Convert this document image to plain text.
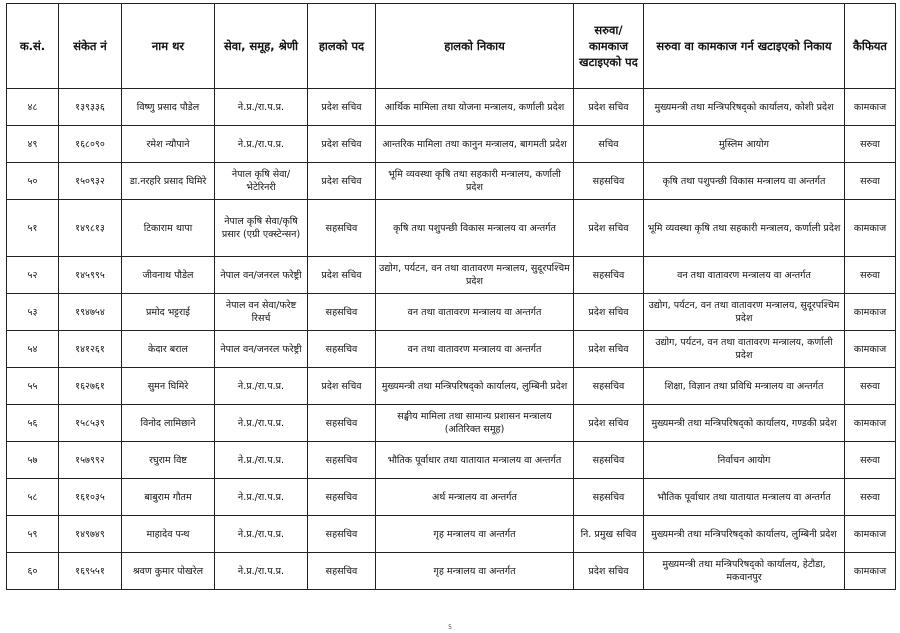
क.सं.	संकेत नं	नाम थर	सेवा, समूह, श्रेणी	हालको पद	हालको निकाय	सरुवा/कामकाज खटाइएको पद	सरुवा वा कामकाज गर्न खटाइएको निकाय	कैफियत
४८	१३९३३६	विष्णु प्रसाद पौडेल	ने.प्र./रा.प.प्र.	प्रदेश सचिव	आर्थिक मामिला तथा योजना मन्त्रालय, कर्णाली प्रदेश	प्रदेश सचिव	मुख्यमन्त्री तथा मन्त्रिपरिषद्को कार्यालय, कोशी प्रदेश	कामकाज
४९	१६८०९०	रमेश न्यौपाने	ने.प्र./रा.प.प्र.	प्रदेश सचिव	आन्तरिक मामिला तथा कानुन मन्त्रालय, बागमती प्रदेश	सचिव	मुस्लिम आयोग	सरुवा
५०	१५०९३२	डा.नरहरि प्रसाद घिमिरे	नेपाल कृषि सेवा/भेटेरिनरी	प्रदेश सचिव	भूमि व्यवस्था कृषि तथा सहकारी मन्त्रालय, कर्णाली प्रदेश	सहसचिव	कृषि तथा पशुपन्छी विकास मन्त्रालय वा अन्तर्गत	सरुवा
५१	१४९८१३	टिकाराम थापा	नेपाल कृषि सेवा/कृषि प्रसार (एग्री एक्स्टेन्सन)	सहसचिव	कृषि तथा पशुपन्छी विकास मन्त्रालय वा अन्तर्गत	प्रदेश सचिव	भूमि व्यवस्था कृषि तथा सहकारी मन्त्रालय, कर्णाली प्रदेश	कामकाज
५२	१४५९९५	जीवनाथ पौडेल	नेपाल वन/जनरल फरेष्ट्री	प्रदेश सचिव	उद्योग, पर्यटन, वन तथा वातावरण मन्त्रालय, सुदूरपश्चिम प्रदेश	सहसचिव	वन तथा वातावरण मन्त्रालय वा अन्तर्गत	सरुवा
५३	१९४७५४	प्रमोद भट्टराई	नेपाल वन सेवा/फरेष्ट रिसर्च	सहसचिव	वन तथा वातावरण मन्त्रालय वा अन्तर्गत	प्रदेश सचिव	उद्योग, पर्यटन, वन तथा वातावरण मन्त्रालय, सुदूरपश्चिम प्रदेश	कामकाज
५४	१४१२६१	केदार बराल	नेपाल वन/जनरल फरेष्ट्री	सहसचिव	वन तथा वातावरण मन्त्रालय वा अन्तर्गत	प्रदेश सचिव	उद्योग, पर्यटन, वन तथा वातावरण मन्त्रालय, कर्णाली प्रदेश	कामकाज
५५	१६२७६१	सुमन घिमिरे	ने.प्र./रा.प.प्र.	प्रदेश सचिव	मुख्यमन्त्री तथा मन्त्रिपरिषद्को कार्यालय, लुम्बिनी प्रदेश	सहसचिव	शिक्षा, विज्ञान तथा प्रविधि मन्त्रालय वा अन्तर्गत	सरुवा
५६	१५८५३९	विनोद लामिछाने	ने.प्र./रा.प.प्र.	सहसचिव	सङ्घीय मामिला तथा सामान्य प्रशासन मन्त्रालय (अतिरिक्त समूह)	प्रदेश सचिव	मुख्यमन्त्री तथा मन्त्रिपरिषद्को कार्यालय, गण्डकी प्रदेश	कामकाज
५७	१५७९९२	रघुराम विष्ट	ने.प्र./रा.प.प्र.	सहसचिव	भौतिक पूर्वाधार तथा यातायात मन्त्रालय वा अन्तर्गत	सहसचिव	निर्वाचन आयोग	सरुवा
५८	१६१०३५	बाबुराम गौतम	ने.प्र./रा.प.प्र.	सहसचिव	अर्थ मन्त्रालय वा अन्तर्गत	सहसचिव	भौतिक पूर्वाधार तथा यातायात मन्त्रालय वा अन्तर्गत	सरुवा
५९	१४९७४९	माहादेव पन्थ	ने.प्र./रा.प.प्र.	सहसचिव	गृह मन्त्रालय वा अन्तर्गत	नि. प्रमुख सचिव	मुख्यमन्त्री तथा मन्त्रिपरिषद्को कार्यालय, लुम्बिनी प्रदेश	कामकाज
६०	१६९५५१	श्रवण कुमार पोखरेल	ने.प्र./रा.प.प्र.	सहसचिव	गृह मन्त्रालय वा अन्तर्गत	प्रदेश सचिव	मुख्यमन्त्री तथा मन्त्रिपरिषद्को कार्यालय, हेटौडा, मकवानपुर	कामकाज
5
